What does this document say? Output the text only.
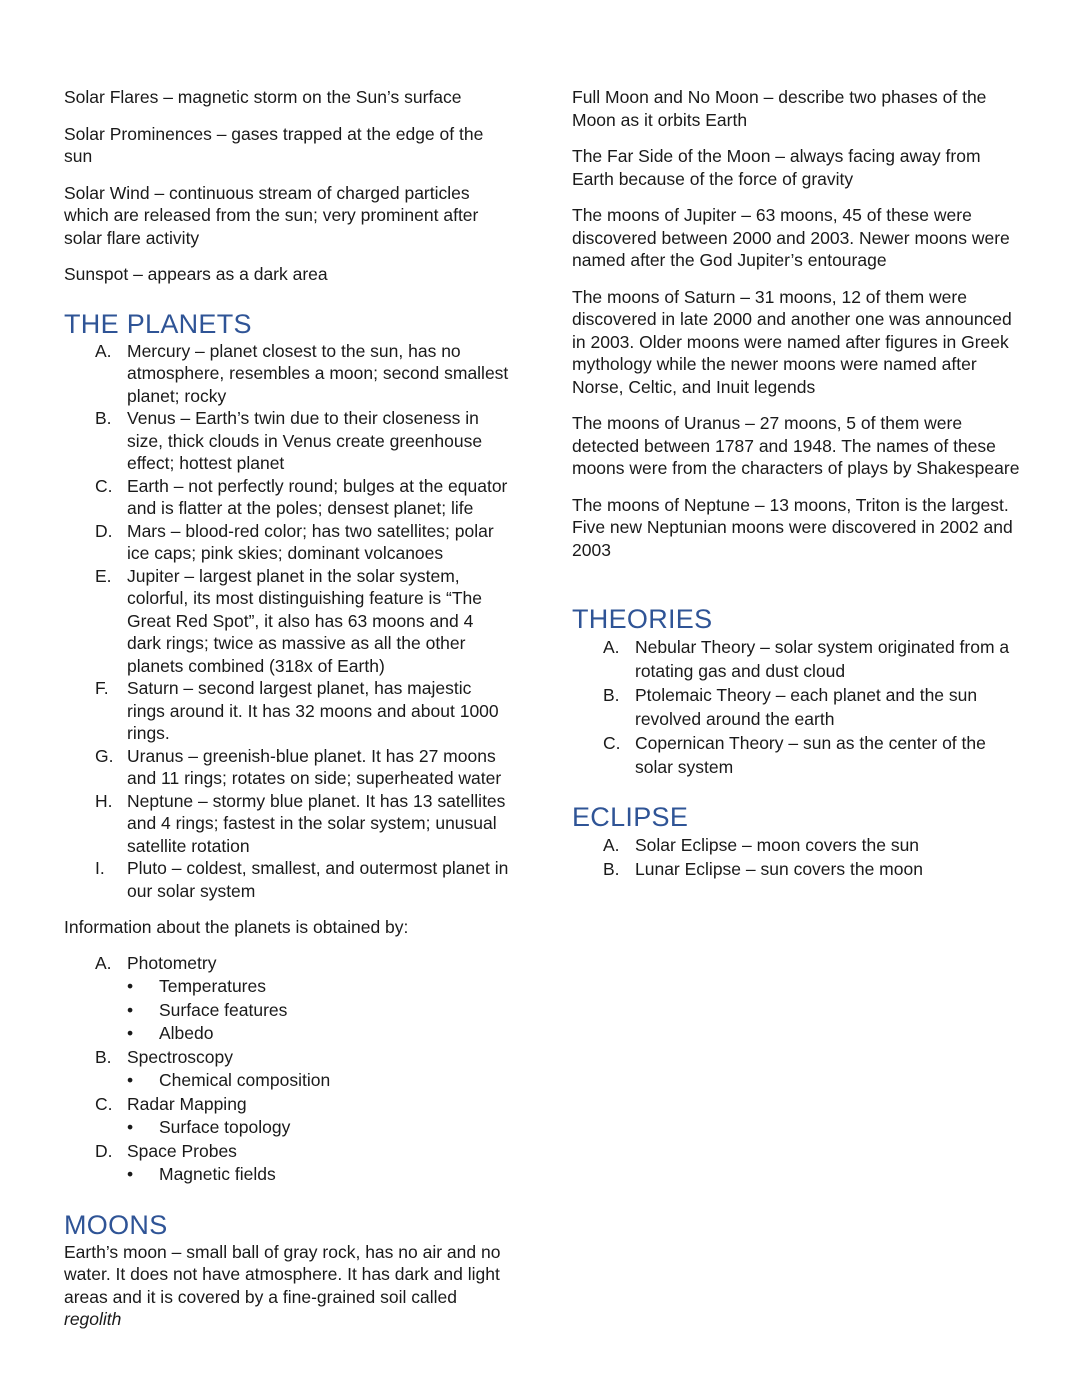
Solar Flares – magnetic storm on the Sun’s surface

Solar Prominences – gases trapped at the edge of the sun

Solar Wind – continuous stream of charged particles which are released from the sun; very prominent after solar flare activity

Sunspot – appears as a dark area

THE PLANETS
A. Mercury – planet closest to the sun, has no atmosphere, resembles a moon; second smallest planet; rocky
B. Venus – Earth’s twin due to their closeness in size, thick clouds in Venus create greenhouse effect; hottest planet
C. Earth – not perfectly round; bulges at the equator and is flatter at the poles; densest planet; life
D. Mars – blood-red color; has two satellites; polar ice caps; pink skies; dominant volcanoes
E. Jupiter – largest planet in the solar system, colorful, its most distinguishing feature is “The Great Red Spot”, it also has 63 moons and 4 dark rings; twice as massive as all the other planets combined (318x of Earth)
F. Saturn – second largest planet, has majestic rings around it. It has 32 moons and about 1000 rings.
G. Uranus – greenish-blue planet. It has 27 moons and 11 rings; rotates on side; superheated water
H. Neptune – stormy blue planet. It has 13 satellites and 4 rings; fastest in the solar system; unusual satellite rotation
I. Pluto – coldest, smallest, and outermost planet in our solar system

Information about the planets is obtained by:

A. Photometry
• Temperatures
• Surface features
• Albedo
B. Spectroscopy
• Chemical composition
C. Radar Mapping
• Surface topology
D. Space Probes
• Magnetic fields
MOONS

Earth’s moon – small ball of gray rock, has no air and no water. It does not have atmosphere. It has dark and light areas and it is covered by a fine-grained soil called regolith

Full Moon and No Moon – describe two phases of the Moon as it orbits Earth

The Far Side of the Moon – always facing away from Earth because of the force of gravity

The moons of Jupiter – 63 moons, 45 of these were discovered between 2000 and 2003. Newer moons were named after the God Jupiter’s entourage

The moons of Saturn – 31 moons, 12 of them were discovered in late 2000 and another one was announced in 2003. Older moons were named after figures in Greek mythology while the newer moons were named after Norse, Celtic, and Inuit legends

The moons of Uranus – 27 moons, 5 of them were detected between 1787 and 1948. The names of these moons were from the characters of plays by Shakespeare

The moons of Neptune – 13 moons, Triton is the largest. Five new Neptunian moons were discovered in 2002 and 2003

THEORIES
A. Nebular Theory – solar system originated from a rotating gas and dust cloud
B. Ptolemaic Theory – each planet and the sun revolved around the earth
C. Copernican Theory – sun as the center of the solar system
ECLIPSE
A. Solar Eclipse – moon covers the sun
B. Lunar Eclipse – sun covers the moon
